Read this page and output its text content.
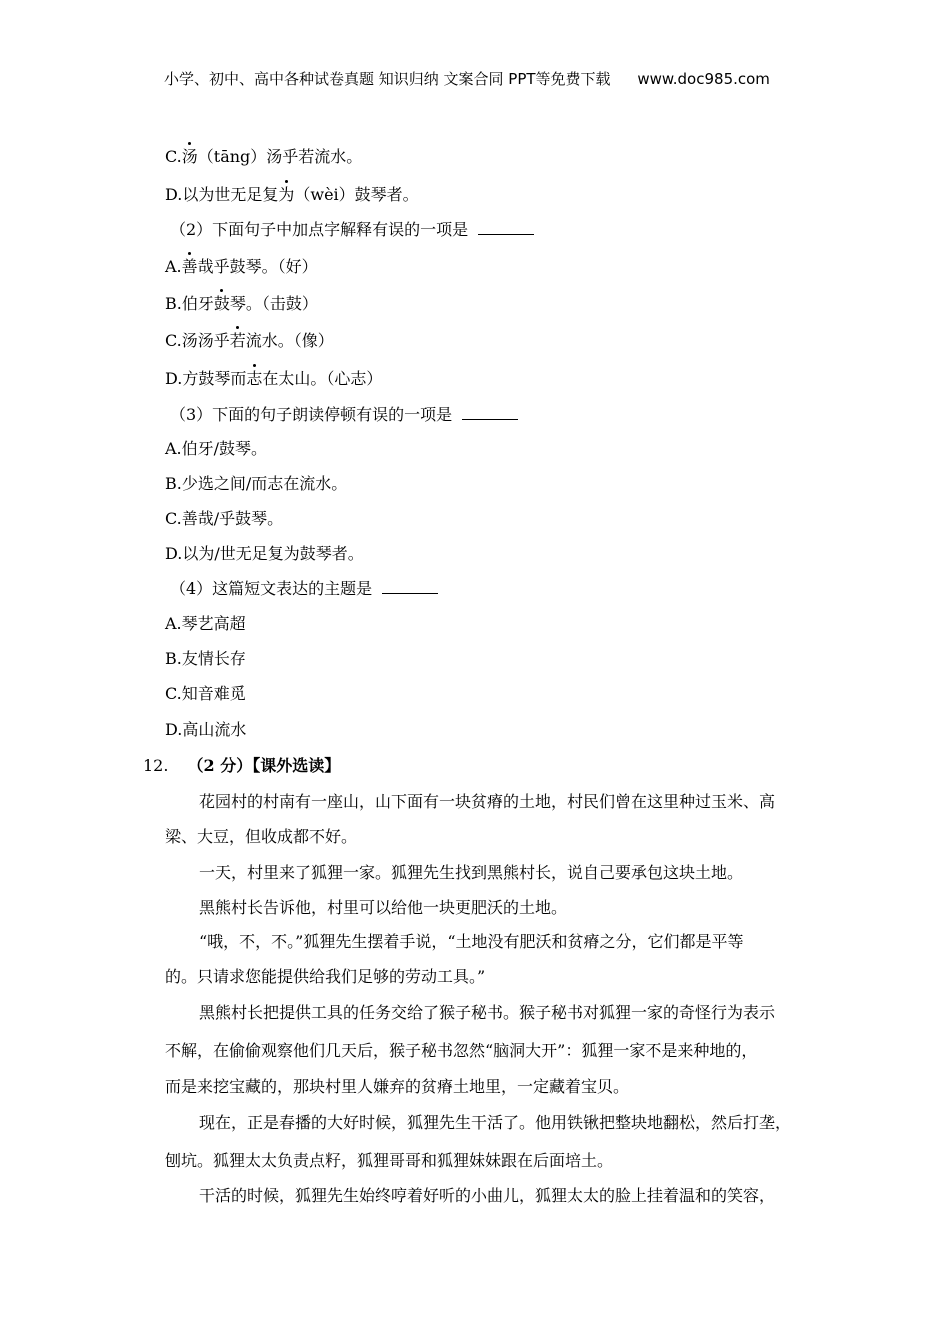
小学、初中、高中各种试卷真题 知识归纳 文案合同 PPT等免费下载 www.doc985.com
C.汤（tāng）汤乎若流水。
D.以为世无足复为（wèi）鼓琴者。
（2）下面句子中加点字解释有误的一项是
A.善哉乎鼓琴。（好）
B.伯牙鼓琴。（击鼓）
C.汤汤乎若流水。（像）
D.方鼓琴而志在太山。（心志）
（3）下面的句子朗读停顿有误的一项是
A.伯牙/鼓琴。
B.少选之间/而志在流水。
C.善哉/乎鼓琴。
D.以为/世无足复为鼓琴者。
（4）这篇短文表达的主题是
A.琴艺高超
B.友情长存
C.知音难觅
D.高山流水
12. （2 分）【课外选读】
花园村的村南有一座山，山下面有一块贫瘠的土地，村民们曾在这里种过玉米、高
梁、大豆，但收成都不好。
一天，村里来了狐狸一家。狐狸先生找到黑熊村长，说自己要承包这块土地。
黑熊村长告诉他，村里可以给他一块更肥沃的土地。
“哦，不，不。”狐狸先生摆着手说，“土地没有肥沃和贫瘠之分，它们都是平等
的。只请求您能提供给我们足够的劳动工具。”
黑熊村长把提供工具的任务交给了猴子秘书。猴子秘书对狐狸一家的奇怪行为表示
不解，在偷偷观察他们几天后，猴子秘书忽然“脑洞大开”：狐狸一家不是来种地的，
而是来挖宝藏的，那块村里人嫌弃的贫瘠土地里，一定藏着宝贝。
现在，正是春播的大好时候，狐狸先生干活了。他用铁锹把整块地翻松，然后打垄，
刨坑。狐狸太太负责点籽，狐狸哥哥和狐狸妹妹跟在后面培土。
干活的时候，狐狸先生始终哼着好听的小曲儿，狐狸太太的脸上挂着温和的笑容，
